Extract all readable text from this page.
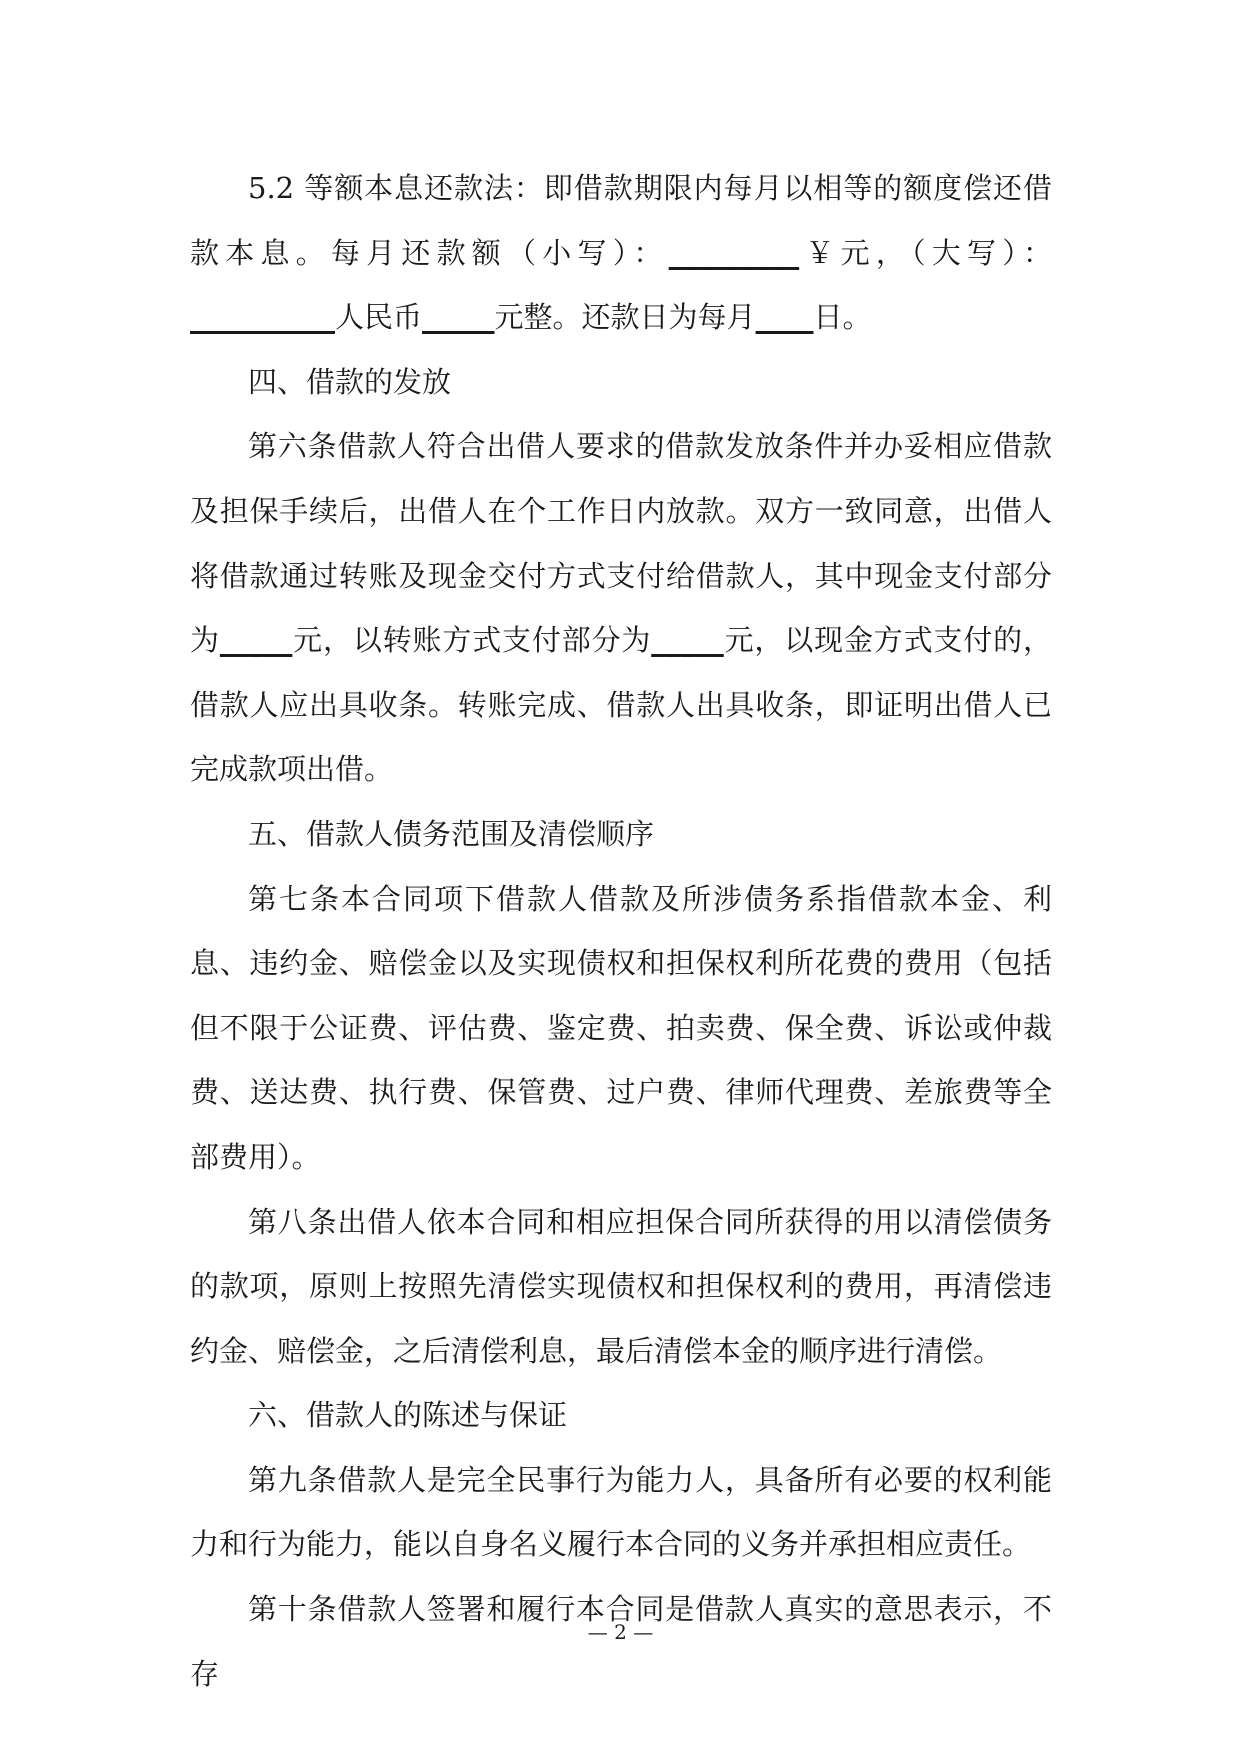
5.2 等额本息还款法：即借款期限内每月以相等的额度偿还借款本息。每月还款额（小写）：_________￥元，（大写）：__________人民币_____元整。还款日为每月____日。

四、借款的发放

第六条借款人符合出借人要求的借款发放条件并办妥相应借款及担保手续后，出借人在个工作日内放款。双方一致同意，出借人将借款通过转账及现金交付方式支付给借款人，其中现金支付部分为_____元，以转账方式支付部分为_____元，以现金方式支付的，借款人应出具收条。转账完成、借款人出具收条，即证明出借人已完成款项出借。

五、借款人债务范围及清偿顺序

第七条本合同项下借款人借款及所涉债务系指借款本金、利息、违约金、赔偿金以及实现债权和担保权利所花费的费用（包括但不限于公证费、评估费、鉴定费、拍卖费、保全费、诉讼或仲裁费、送达费、执行费、保管费、过户费、律师代理费、差旅费等全部费用）。

第八条出借人依本合同和相应担保合同所获得的用以清偿债务的款项，原则上按照先清偿实现债权和担保权利的费用，再清偿违约金、赔偿金，之后清偿利息，最后清偿本金的顺序进行清偿。

六、借款人的陈述与保证

第九条借款人是完全民事行为能力人，具备所有必要的权利能力和行为能力，能以自身名义履行本合同的义务并承担相应责任。

第十条借款人签署和履行本合同是借款人真实的意思表示，不存

— 2 —
